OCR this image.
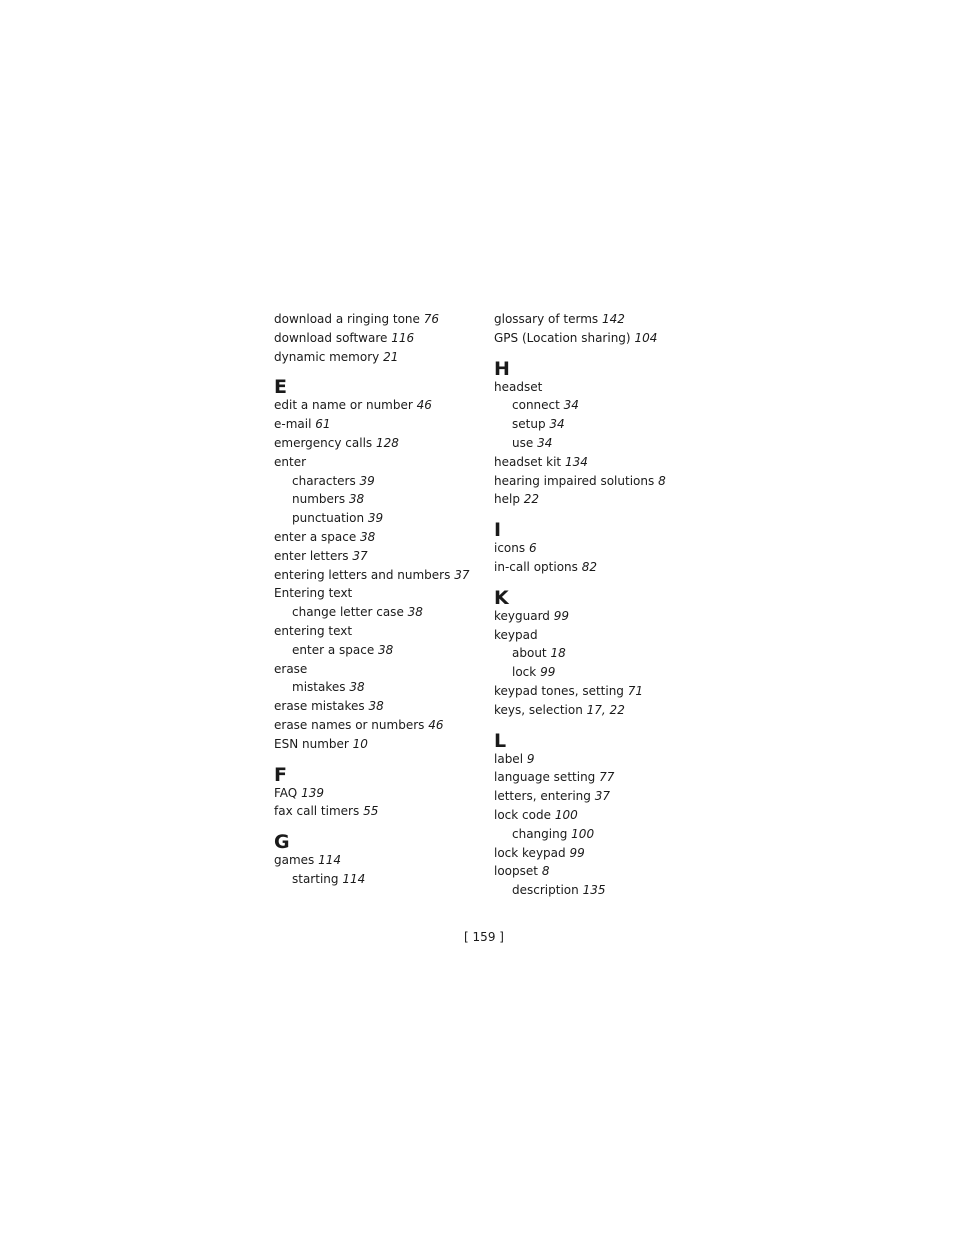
download a ringing tone 76
download software 116
dynamic memory 21
E
edit a name or number 46
e-mail 61
emergency calls 128
enter
characters 39
numbers 38
punctuation 39
enter a space 38
enter letters 37
entering letters and numbers 37
Entering text
change letter case 38
entering text
enter a space 38
erase
mistakes 38
erase mistakes 38
erase names or numbers 46
ESN number 10
F
FAQ 139
fax call timers 55
G
games 114
starting 114
glossary of terms 142
GPS (Location sharing) 104
H
headset
connect 34
setup 34
use 34
headset kit 134
hearing impaired solutions 8
help 22
I
icons 6
in-call options 82
K
keyguard 99
keypad
about 18
lock 99
keypad tones, setting 71
keys, selection 17, 22
L
label 9
language setting 77
letters, entering 37
lock code 100
changing 100
lock keypad 99
loopset 8
description 135
[ 159 ]
